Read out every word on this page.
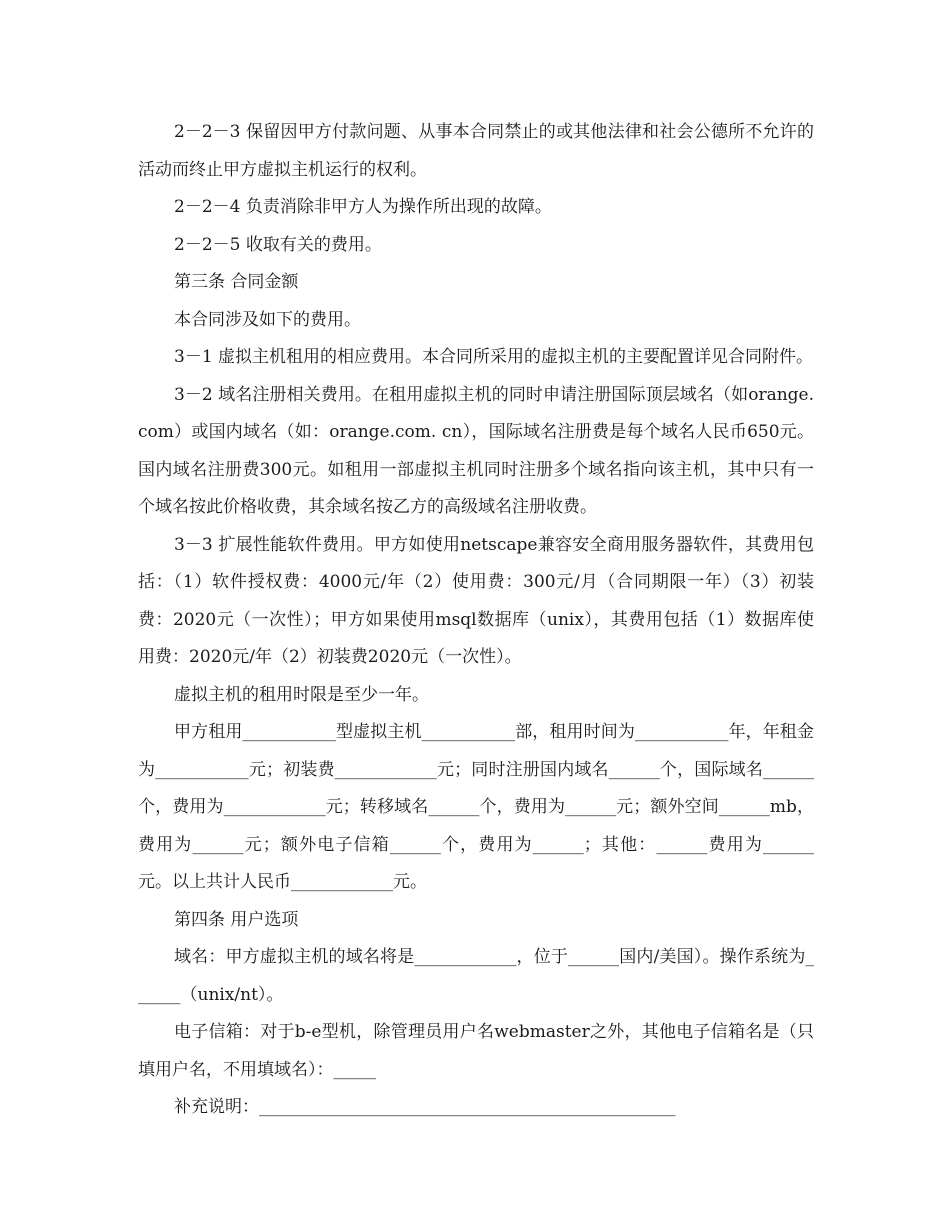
2－2－3 保留因甲方付款问题、从事本合同禁止的或其他法律和社会公德所不允许的活动而终止甲方虚拟主机运行的权利。

2－2－4 负责消除非甲方人为操作所出现的故障。

2－2－5 收取有关的费用。

第三条 合同金额

本合同涉及如下的费用。

3－1 虚拟主机租用的相应费用。本合同所采用的虚拟主机的主要配置详见合同附件。

3－2 域名注册相关费用。在租用虚拟主机的同时申请注册国际顶层域名（如orange.com）或国内域名（如：orange.com. cn），国际域名注册费是每个域名人民币650元。国内域名注册费300元。如租用一部虚拟主机同时注册多个域名指向该主机，其中只有一个域名按此价格收费，其余域名按乙方的高级域名注册收费。

3－3 扩展性能软件费用。甲方如使用netscape兼容安全商用服务器软件，其费用包括：（1）软件授权费：4000元/年（2）使用费：300元/月（合同期限一年）（3）初装费：2020元（一次性）；甲方如果使用msql数据库（unix），其费用包括（1）数据库使用费：2020元/年（2）初装费2020元（一次性）。

虚拟主机的租用时限是至少一年。

甲方租用___________型虚拟主机___________部，租用时间为___________年，年租金为___________元；初装费____________元；同时注册国内域名______个，国际域名______个，费用为____________元；转移域名______个，费用为______元；额外空间______mb，费用为______元；额外电子信箱______个，费用为______；其他：______费用为______元。以上共计人民币____________元。

第四条 用户选项

域名：甲方虚拟主机的域名将是____________，位于______国内/美国）。操作系统为______（unix/nt）。

电子信箱：对于b-e型机，除管理员用户名webmaster之外，其他电子信箱名是（只填用户名，不用填域名）：_____

补充说明：_________________________________________________
